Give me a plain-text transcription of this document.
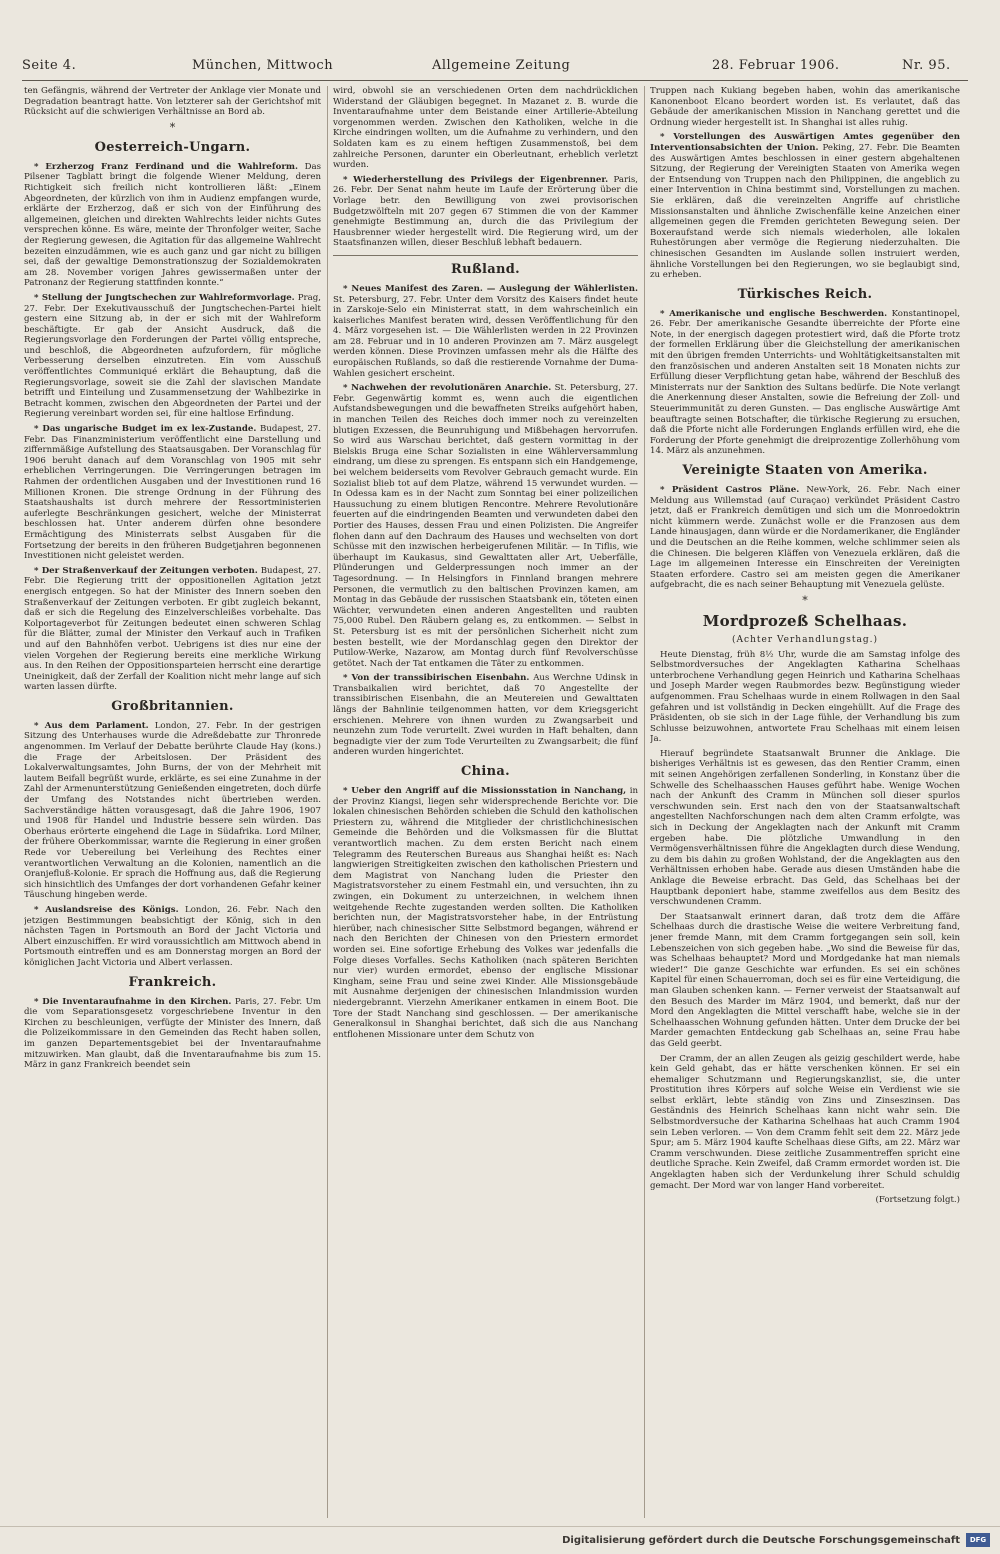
Seite 4.	München, Mittwoch	Allgemeine Zeitung	28. Februar 1906.	Nr. 95.

ten Gefängnis, während der Vertreter der Anklage vier Monate und Degradation beantragt hatte. Von letzterer sah der Gerichtshof mit Rücksicht auf die schwierigen Verhältnisse an Bord ab.

*
Oesterreich-Ungarn.

* Erzherzog Franz Ferdinand und die Wahlreform. Das Pilsener Tagblatt bringt die folgende Wiener Meldung, deren Richtigkeit sich freilich nicht kontrollieren läßt: „Einem Abgeordneten, der kürzlich von ihm in Audienz empfangen wurde, erklärte der Erzherzog, daß er sich von der Einführung des allgemeinen, gleichen und direkten Wahlrechts leider nichts Gutes versprechen könne. Es wäre, meinte der Thronfolger weiter, Sache der Regierung gewesen, die Agitation für das allgemeine Wahlrecht bezeiten einzudämmen, wie es auch ganz und gar nicht zu billigen sei, daß der gewaltige Demonstrationszug der Sozialdemokraten am 28. November vorigen Jahres gewissermaßen unter der Patronanz der Regierung stattfinden konnte.“

* Stellung der Jungtschechen zur Wahlreformvorlage. Prag, 27. Febr. Der Exekutivausschuß der Jungtschechen-Partei hielt gestern eine Sitzung ab, in der er sich mit der Wahlreform beschäftigte. Er gab der Ansicht Ausdruck, daß die Regierungsvorlage den Forderungen der Partei völlig entspreche, und beschloß, die Abgeordneten aufzufordern, für mögliche Verbesserung derselben einzutreten. Ein vom Ausschuß veröffentlichtes Communiqué erklärt die Behauptung, daß die Regierungsvorlage, soweit sie die Zahl der slavischen Mandate betrifft und Einteilung und Zusammensetzung der Wahlbezirke in Betracht kommen, zwischen den Abgeordneten der Partei und der Regierung vereinbart worden sei, für eine haltlose Erfindung.

* Das ungarische Budget im ex lex-Zustande. Budapest, 27. Febr. Das Finanzministerium veröffentlicht eine Darstellung und ziffernmäßige Aufstellung des Staatsausgaben. Der Voranschlag für 1906 beruht danach auf dem Voranschlag von 1905 mit sehr erheblichen Verringerungen. Die Verringerungen betragen im Rahmen der ordentlichen Ausgaben und der Investitionen rund 16 Millionen Kronen. Die strenge Ordnung in der Führung des Staatshaushalts ist durch mehrere der Ressortministerien auferlegte Beschränkungen gesichert, welche der Ministerrat beschlossen hat. Unter anderem dürfen ohne besondere Ermächtigung des Ministerrats selbst Ausgaben für die Fortsetzung der bereits in den früheren Budgetjahren begonnenen Investitionen nicht geleistet werden.

* Der Straßenverkauf der Zeitungen verboten. Budapest, 27. Febr. Die Regierung tritt der oppositionellen Agitation jetzt energisch entgegen. So hat der Minister des Innern soeben den Straßenverkauf der Zeitungen verboten. Er gibt zugleich bekannt, daß er sich die Regelung des Einzelverschleißes vorbehalte. Das Kolportageverbot für Zeitungen bedeutet einen schweren Schlag für die Blätter, zumal der Minister den Verkauf auch in Trafiken und auf den Bahnhöfen verbot. Uebrigens ist dies nur eine der vielen Vorgehen der Regierung bereits eine merkliche Wirkung aus. In den Reihen der Oppositionsparteien herrscht eine derartige Uneinigkeit, daß der Zerfall der Koalition nicht mehr lange auf sich warten lassen dürfte.

Großbritannien.

* Aus dem Parlament. London, 27. Febr. In der gestrigen Sitzung des Unterhauses wurde die Adreßdebatte zur Thronrede angenommen. Im Verlauf der Debatte berührte Claude Hay (kons.) die Frage der Arbeitslosen. Der Präsident des Lokalverwaltungsamtes, John Burns, der von der Mehrheit mit lautem Beifall begrüßt wurde, erklärte, es sei eine Zunahme in der Zahl der Armenunterstützung Genießenden eingetreten, doch dürfe der Umfang des Notstandes nicht übertrieben werden. Sachverständige hätten vorausgesagt, daß die Jahre 1906, 1907 und 1908 für Handel und Industrie bessere sein würden. Das Oberhaus erörterte eingehend die Lage in Südafrika. Lord Milner, der frühere Oberkommissar, warnte die Regierung in einer großen Rede vor Uebereilung bei Verleihung des Rechtes einer verantwortlichen Verwaltung an die Kolonien, namentlich an die Oranjefluß-Kolonie. Er sprach die Hoffnung aus, daß die Regierung sich hinsichtlich des Umfanges der dort vorhandenen Gefahr keiner Täuschung hingeben werde.

* Auslandsreise des Königs. London, 26. Febr. Nach den jetzigen Bestimmungen beabsichtigt der König, sich in den nächsten Tagen in Portsmouth an Bord der Jacht Victoria und Albert einzuschiffen. Er wird voraussichtlich am Mittwoch abend in Portsmouth eintreffen und es am Donnerstag morgen an Bord der königlichen Jacht Victoria und Albert verlassen.

Frankreich.

* Die Inventaraufnahme in den Kirchen. Paris, 27. Febr. Um die vom Separationsgesetz vorgeschriebene Inventur in den Kirchen zu beschleunigen, verfügte der Minister des Innern, daß die Polizeikommissare in den Gemeinden das Recht haben sollen, im ganzen Departementsgebiet bei der Inventaraufnahme mitzuwirken. Man glaubt, daß die Inventaraufnahme bis zum 15. März in ganz Frankreich beendet sein

wird, obwohl sie an verschiedenen Orten dem nachdrücklichen Widerstand der Gläubigen begegnet. In Mazanet z. B. wurde die Inventaraufnahme unter dem Beistande einer Artillerie-Abteilung vorgenommen werden. Zwischen den Katholiken, welche in die Kirche eindringen wollten, um die Aufnahme zu verhindern, und den Soldaten kam es zu einem heftigen Zusammenstoß, bei dem zahlreiche Personen, darunter ein Oberleutnant, erheblich verletzt wurden.

* Wiederherstellung des Privilegs der Eigenbrenner. Paris, 26. Febr. Der Senat nahm heute im Laufe der Erörterung über die Vorlage betr. den Bewilligung von zwei provisorischen Budgetzwölfteln mit 207 gegen 67 Stimmen die von der Kammer genehmigte Bestimmung an, durch die das Privilegium der Hausbrenner wieder hergestellt wird. Die Regierung wird, um der Staatsfinanzen willen, dieser Beschluß lebhaft bedauern.

Rußland.

* Neues Manifest des Zaren. — Auslegung der Wählerlisten. St. Petersburg, 27. Febr. Unter dem Vorsitz des Kaisers findet heute in Zarskoje-Selo ein Ministerrat statt, in dem wahrscheinlich ein kaiserliches Manifest beraten wird, dessen Veröffentlichung für den 4. März vorgesehen ist. — Die Wählerlisten werden in 22 Provinzen am 28. Februar und in 10 anderen Provinzen am 7. März ausgelegt werden können. Diese Provinzen umfassen mehr als die Hälfte des europäischen Rußlands, so daß die restierende Vornahme der Duma-Wahlen gesichert erscheint.

* Nachwehen der revolutionären Anarchie. St. Petersburg, 27. Febr. Gegenwärtig kommt es, wenn auch die eigentlichen Aufstandsbewegungen und die bewaffneten Streiks aufgehört haben, in manchen Teilen des Reiches doch immer noch zu vereinzelten blutigen Exzessen, die Beunruhigung und Mißbehagen hervorrufen. So wird aus Warschau berichtet, daß gestern vormittag in der Bielskis Bruga eine Schar Sozialisten in eine Wählerversammlung eindrang, um diese zu sprengen. Es entspann sich ein Handgemenge, bei welchem beiderseits vom Revolver Gebrauch gemacht wurde. Ein Sozialist blieb tot auf dem Platze, während 15 verwundet wurden. — In Odessa kam es in der Nacht zum Sonntag bei einer polizeilichen Haussuchung zu einem blutigen Rencontre. Mehrere Revolutionäre feuerten auf die eindringenden Beamten und verwundeten dabei den Portier des Hauses, dessen Frau und einen Polizisten. Die Angreifer flohen dann auf den Dachraum des Hauses und wechselten von dort Schüsse mit den inzwischen herbeigerufenen Militär. — In Tiflis, wie überhaupt im Kaukasus, sind Gewalttaten aller Art, Ueberfälle, Plünderungen und Gelderpressungen noch immer an der Tagesordnung. — In Helsingfors in Finnland brangen mehrere Personen, die vermutlich zu den baltischen Provinzen kamen, am Montag in das Gebäude der russischen Staatsbank ein, töteten einen Wächter, verwundeten einen anderen Angestellten und raubten 75,000 Rubel. Den Räubern gelang es, zu entkommen. — Selbst in St. Petersburg ist es mit der persönlichen Sicherheit nicht zum besten bestellt, wie der Mordanschlag gegen den Direktor der Putilow-Werke, Nazarow, am Montag durch fünf Revolverschüsse getötet. Nach der Tat entkamen die Täter zu entkommen.

* Von der transsibirischen Eisenbahn. Aus Werchne Udinsk in Transbaikalien wird berichtet, daß 70 Angestellte der transsibirischen Eisenbahn, die an Meutereien und Gewalttaten längs der Bahnlinie teilgenommen hatten, vor dem Kriegsgericht erschienen. Mehrere von ihnen wurden zu Zwangsarbeit und neunzehn zum Tode verurteilt. Zwei wurden in Haft behalten, dann begnadigte vier der zum Tode Verurteilten zu Zwangsarbeit; die fünf anderen wurden hingerichtet.

China.

* Ueber den Angriff auf die Missionsstation in Nanchang, in der Provinz Kiangsi, liegen sehr widersprechende Berichte vor. Die lokalen chinesischen Behörden schieben die Schuld den katholischen Priestern zu, während die Mitglieder der christlichchinesischen Gemeinde die Behörden und die Volksmassen für die Bluttat verantwortlich machen. Zu dem ersten Bericht nach einem Telegramm des Reuterschen Bureaus aus Shanghai heißt es: Nach langwierigen Streitigkeiten zwischen den katholischen Priestern und dem Magistrat von Nanchang luden die Priester den Magistratsvorsteher zu einem Festmahl ein, und versuchten, ihn zu zwingen, ein Dokument zu unterzeichnen, in welchem ihnen weitgehende Rechte zugestanden werden sollten. Die Katholiken berichten nun, der Magistratsvorsteher habe, in der Entrüstung hierüber, nach chinesischer Sitte Selbstmord begangen, während er nach den Berichten der Chinesen von den Priestern ermordet worden sei. Eine sofortige Erhebung des Volkes war jedenfalls die Folge dieses Vorfalles. Sechs Katholiken (nach späteren Berichten nur vier) wurden ermordet, ebenso der englische Missionar Kingham, seine Frau und seine zwei Kinder. Alle Missionsgebäude mit Ausnahme derjenigen der chinesischen Inlandmission wurden niedergebrannt. Vierzehn Amerikaner entkamen in einem Boot. Die Tore der Stadt Nanchang sind geschlossen. — Der amerikanische Generalkonsul in Shanghai berichtet, daß sich die aus Nanchang entflohenen Missionare unter dem Schutz von

Truppen nach Kukiang begeben haben, wohin das amerikanische Kanonenboot Elcano beordert worden ist. Es verlautet, daß das Gebäude der amerikanischen Mission in Nanchang gerettet und die Ordnung wieder hergestellt ist. In Shanghai ist alles ruhig.

* Vorstellungen des Auswärtigen Amtes gegenüber den Interventionsabsichten der Union. Peking, 27. Febr. Die Beamten des Auswärtigen Amtes beschlossen in einer gestern abgehaltenen Sitzung, der Regierung der Vereinigten Staaten von Amerika wegen der Entsendung von Truppen nach den Philippinen, die angeblich zu einer Intervention in China bestimmt sind, Vorstellungen zu machen. Sie erklären, daß die vereinzelten Angriffe auf christliche Missionsanstalten und ähnliche Zwischenfälle keine Anzeichen einer allgemeinen gegen die Fremden gerichteten Bewegung seien. Der Boxeraufstand werde sich niemals wiederholen, alle lokalen Ruhestörungen aber vermöge die Regierung niederzuhalten. Die chinesischen Gesandten im Auslande sollen instruiert werden, ähnliche Vorstellungen bei den Regierungen, wo sie beglaubigt sind, zu erheben.

Türkisches Reich.

* Amerikanische und englische Beschwerden. Konstantinopel, 26. Febr. Der amerikanische Gesandte überreichte der Pforte eine Note, in der energisch dagegen protestiert wird, daß die Pforte trotz der formellen Erklärung über die Gleichstellung der amerikanischen mit den übrigen fremden Unterrichts- und Wohltätigkeitsanstalten mit den französischen und anderen Anstalten seit 18 Monaten nichts zur Erfüllung dieser Verpflichtung getan habe, während der Beschluß des Ministerrats nur der Sanktion des Sultans bedürfe. Die Note verlangt die Anerkennung dieser Anstalten, sowie die Befreiung der Zoll- und Steuerimmunität zu deren Gunsten. — Das englische Auswärtige Amt beauftragte seinen Botschafter, die türkische Regierung zu ersuchen, daß die Pforte nicht alle Forderungen Englands erfüllen wird, ehe die Forderung der Pforte genehmigt die dreiprozentige Zollerhöhung vom 14. März als anzunehmen.

Vereinigte Staaten von Amerika.

* Präsident Castros Pläne. New-York, 26. Febr. Nach einer Meldung aus Willemstad (auf Curaçao) verkündet Präsident Castro jetzt, daß er Frankreich demütigen und sich um die Monroedoktrin nicht kümmern werde. Zunächst wolle er die Franzosen aus dem Lande hinausjagen, dann würde er die Nordamerikaner, die Engländer und die Deutschen an die Reihe kommen, welche schlimmer seien als die Chinesen. Die belgeren Kläffen von Venezuela erklären, daß die Lage im allgemeinen Interesse ein Einschreiten der Vereinigten Staaten erfordere. Castro sei am meisten gegen die Amerikaner aufgebracht, die es nach seiner Behauptung mit Venezuela gelüste.

*
Mordprozeß Schelhaas.
(Achter Verhandlungstag.)

Heute Dienstag, früh 8½ Uhr, wurde die am Samstag infolge des Selbstmordversuches der Angeklagten Katharina Schelhaas unterbrochene Verhandlung gegen Heinrich und Katharina Schelhaas und Joseph Marder wegen Raubmordes bezw. Begünstigung wieder aufgenommen. Frau Schelhaas wurde in einem Rollwagen in den Saal gefahren und ist vollständig in Decken eingehüllt. Auf die Frage des Präsidenten, ob sie sich in der Lage fühle, der Verhandlung bis zum Schlusse beizuwohnen, antwortete Frau Schelhaas mit einem leisen Ja.

Hierauf begründete Staatsanwalt Brunner die Anklage. Die bisheriges Verhältnis ist es gewesen, das den Rentier Cramm, einen mit seinen Angehörigen zerfallenen Sonderling, in Konstanz über die Schwelle des Schelhaasschen Hauses geführt habe. Wenige Wochen nach der Ankunft des Cramm in München soll dieser spurlos verschwunden sein. Erst nach den von der Staatsanwaltschaft angestellten Nachforschungen nach dem alten Cramm erfolgte, was sich in Deckung der Angeklagten nach der Ankunft mit Cramm ergeben habe. Die plötzliche Umwandlung in den Vermögensverhältnissen führe die Angeklagten durch diese Wendung, zu dem bis dahin zu großen Wohlstand, der die Angeklagten aus den Verhältnissen erhoben habe. Gerade aus diesen Umständen habe die Anklage die Beweise erbracht. Das Geld, das Schelhaas bei der Hauptbank deponiert habe, stamme zweifellos aus dem Besitz des verschwundenen Cramm.

Der Staatsanwalt erinnert daran, daß trotz dem die Affäre Schelhaas durch die drastische Weise die weitere Verbreitung fand, jener fremde Mann, mit dem Cramm fortgegangen sein soll, kein Lebenszeichen von sich gegeben habe. „Wo sind die Beweise für das, was Schelhaas behauptet? Mord und Mordgedanke hat man niemals wieder!“ Die ganze Geschichte war erfunden. Es sei ein schönes Kapitel für einen Schauerroman, doch sei es für eine Verteidigung, die man Glauben schenken kann. — Ferner verweist der Staatsanwalt auf den Besuch des Marder im März 1904, und bemerkt, daß nur der Mord den Angeklagten die Mittel verschafft habe, welche sie in der Schelhaasschen Wohnung gefunden hätten. Unter dem Drucke der bei Marder gemachten Entdeckung gab Schelhaas an, seine Frau habe das Geld geerbt.

Der Cramm, der an allen Zeugen als geizig geschildert werde, habe kein Geld gehabt, das er hätte verschenken können. Er sei ein ehemaliger Schutzmann und Regierungskanzlist, sie, die unter Prostitution ihres Körpers auf solche Weise ein Verdienst wie sie selbst erklärt, lebte ständig von Zins und Zinseszinsen. Das Geständnis des Heinrich Schelhaas kann nicht wahr sein. Die Selbstmordversuche der Katharina Schelhaas hat auch Cramm 1904 sein Leben verloren. — Von dem Cramm fehlt seit dem 22. März jede Spur; am 5. März 1904 kaufte Schelhaas diese Gifts, am 22. März war Cramm verschwunden. Diese zeitliche Zusammentreffen spricht eine deutliche Sprache. Kein Zweifel, daß Cramm ermordet worden ist. Die Angeklagten haben sich der Verdunkelung ihrer Schuld schuldig gemacht. Der Mord war von langer Hand vorbereitet.

(Fortsetzung folgt.)

Digitalisierung gefördert durch die Deutsche Forschungsgemeinschaft	DFG
